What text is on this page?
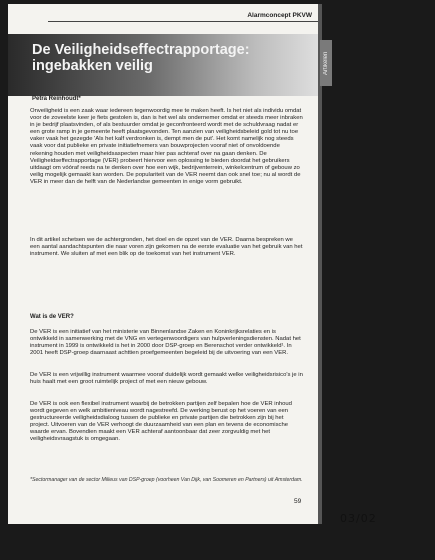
Alarmconcept PKVW
De Veiligheidseffectrapportage: ingebakken veilig
Petra Reinhoudt*

Onveiligheid is een zaak waar iedereen tegenwoordig mee te maken heeft. Is het niet als individu omdat voor de zoveelste keer je fiets gestolen is, dan is het wel als ondernemer omdat er steeds meer inbraken in je bedrijf plaatsvinden, of als bestuurder omdat je geconfronteerd wordt met de schuldvraag nadat er een grote ramp in je gemeente heeft plaatsgevonden. Ten aanzien van veiligheidsbeleid gold tot nu toe vaker vaak het gezegde 'Als het kalf verdronken is, dempt men de put'. Het komt namelijk nog steeds vaak voor dat publieke en private initiatiefnemers van bouwprojecten vooraf niet of onvoldoende rekening houden met veiligheidsaspecten maar hier pas achteraf over na gaan denken. De Veiligheidseffectrapportage (VER) probeert hiervoor een oplossing te bieden doordat het gebruikers uitdaagt om vóóraf reeds na te denken over hoe een wijk, bedrijventerrein, winkelcentrum of gebouw zo veilig mogelijk gemaakt kan worden. De populariteit van de VER neemt dan ook snel toe; nu al wordt de VER in meer dan de helft van de Nederlandse gemeenten in enige vorm gebruikt.

In dit artikel schetsen we de achtergronden, het doel en de opzet van de VER. Daarna bespreken we een aantal aandachtspunten die naar voren zijn gekomen na de eerste evaluatie van het gebruik van het instrument. We sluiten af met een blik op de toekomst van het instrument VER.

Wat is de VER?

De VER is een initiatief van het ministerie van Binnenlandse Zaken en Koninkrijksrelaties en is ontwikkeld in samenwerking met de VNG en vertegenwoordigers van hulpverleningsdiensten. Nadat het instrument in 1999 is ontwikkeld is het in 2000 door DSP-groep en Berenschot verder ontwikkeld¹. In 2001 heeft DSP-groep daarnaast achttien proefgemeenten begeleid bij de uitvoering van een VER.

De VER is een vrijwillig instrument waarmee vooraf duidelijk wordt gemaakt welke veiligheidsrisico's je in huis haalt met een groot ruimtelijk project of met een nieuw gebouw.

De VER is ook een flexibel instrument waarbij de betrokken partijen zelf bepalen hoe de VER inhoud wordt gegeven en welk ambitieniveau wordt nagestreefd. De werking berust op het voeren van een gestructureerde veiligheidsdialoog tussen de publieke en private partijen die betrokken zijn bij het project. Uitvoeren van de VER verhoogt de duurzaamheid van een plan en tevens de economische waarde ervan. Bovendien maakt een VER achteraf aantoonbaar dat zeer zorgvuldig met het veiligheidsvraagstuk is omgegaan.

*Sectormanager van de sector Milieus van DSP-groep (voorheen Van Dijk, van Soomeren en Partners) uit Amsterdam.

59
Artikelen
03/02
